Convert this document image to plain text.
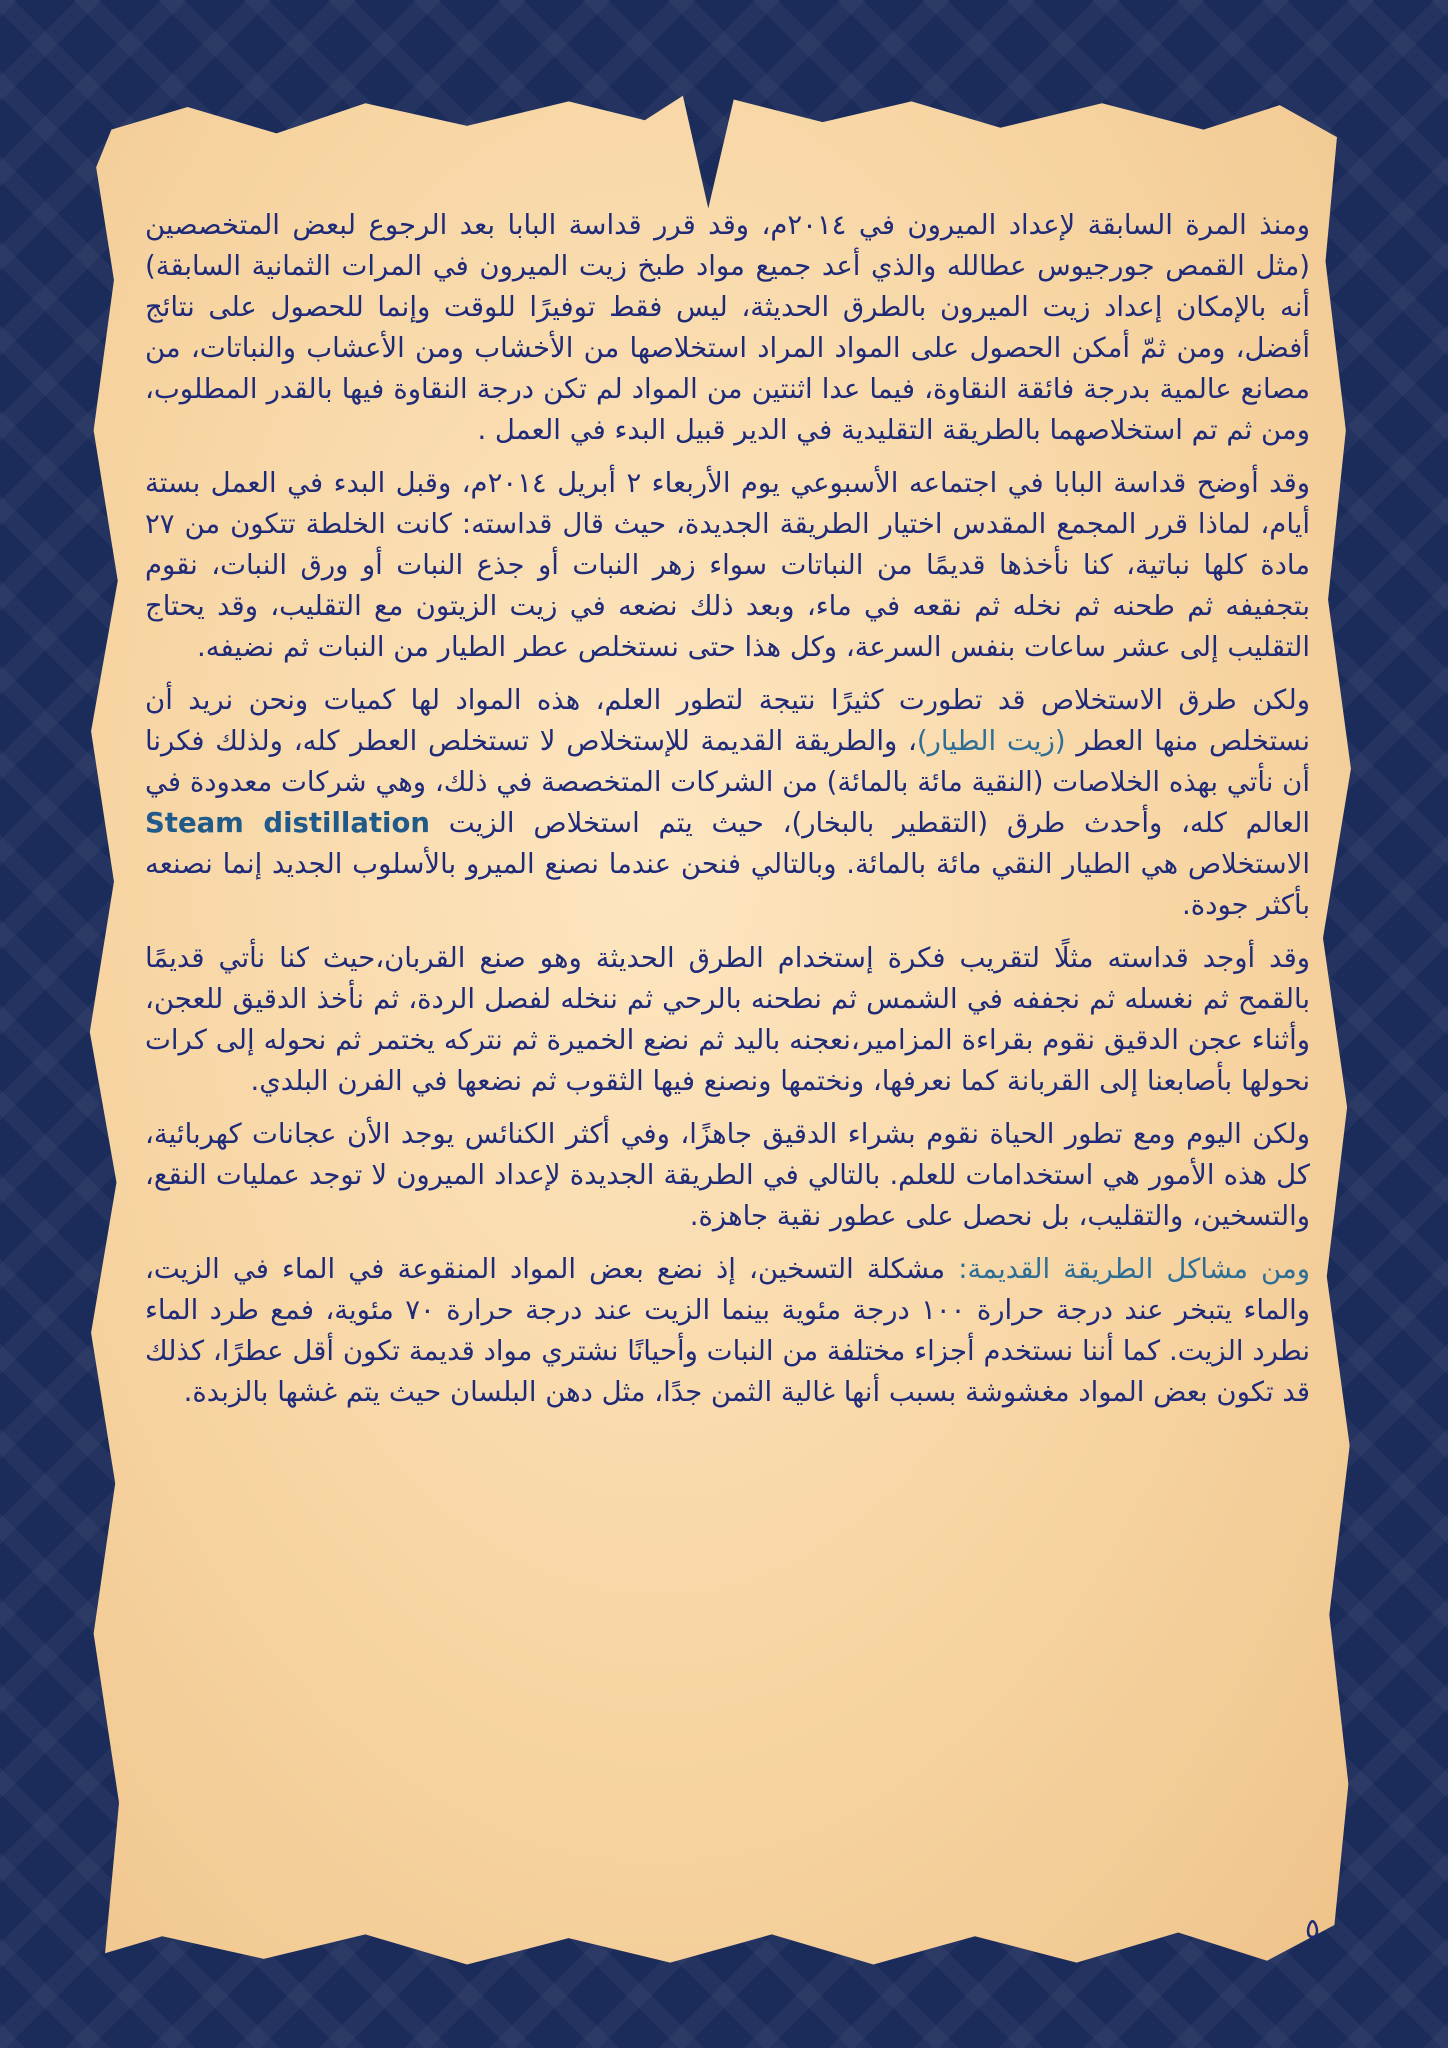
ومنذ المرة السابقة لإعداد الميرون في ٢٠١٤م، وقد قرر قداسة البابا بعد الرجوع لبعض المتخصصين (مثل القمص جورجيوس عطالله والذي أعد جميع مواد طبخ زيت الميرون في المرات الثمانية السابقة) أنه بالإمكان إعداد زيت الميرون بالطرق الحديثة، ليس فقط توفيرًا للوقت وإنما للحصول على نتائج أفضل، ومن ثمّ أمكن الحصول على المواد المراد استخلاصها من الأخشاب ومن الأعشاب والنباتات، من مصانع عالمية بدرجة فائقة النقاوة، فيما عدا اثنتين من المواد لم تكن درجة النقاوة فيها بالقدر المطلوب، ومن ثم تم استخلاصهما بالطريقة التقليدية في الدير قبيل البدء في العمل .

وقد أوضح قداسة البابا في اجتماعه الأسبوعي يوم الأربعاء ٢ أبريل ٢٠١٤م، وقبل البدء في العمل بستة أيام، لماذا قرر المجمع المقدس اختيار الطريقة الجديدة، حيث قال قداسته: كانت الخلطة تتكون من ٢٧ مادة كلها نباتية، كنا نأخذها قديمًا من النباتات سواء زهر النبات أو جذع النبات أو ورق النبات، نقوم بتجفيفه ثم طحنه ثم نخله ثم نقعه في ماء، وبعد ذلك نضعه في زيت الزيتون مع التقليب، وقد يحتاج التقليب إلى عشر ساعات بنفس السرعة، وكل هذا حتى نستخلص عطر الطيار من النبات ثم نضيفه.

ولكن طرق الاستخلاص قد تطورت كثيرًا نتيجة لتطور العلم، هذه المواد لها كميات ونحن نريد أن نستخلص منها العطر (زيت الطيار)، والطريقة القديمة للإستخلاص لا تستخلص العطر كله، ولذلك فكرنا أن نأتي بهذه الخلاصات (النقية مائة بالمائة) من الشركات المتخصصة في ذلك، وهي شركات معدودة في العالم كله، وأحدث طرق (التقطير بالبخار)، حيث يتم استخلاص الزيت Steam distillation الاستخلاص هي الطيار النقي مائة بالمائة. وبالتالي فنحن عندما نصنع الميرو بالأسلوب الجديد إنما نصنعه بأكثر جودة.

وقد أوجد قداسته مثلًا لتقريب فكرة إستخدام الطرق الحديثة وهو صنع القربان،حيث كنا نأتي قديمًا بالقمح ثم نغسله ثم نجففه في الشمس ثم نطحنه بالرحي ثم ننخله لفصل الردة، ثم نأخذ الدقيق للعجن، وأثناء عجن الدقيق نقوم بقراءة المزامير،نعجنه باليد ثم نضع الخميرة ثم نتركه يختمر ثم نحوله إلى كرات نحولها بأصابعنا إلى القربانة كما نعرفها، ونختمها ونصنع فيها الثقوب ثم نضعها في الفرن البلدي.

ولكن اليوم ومع تطور الحياة نقوم بشراء الدقيق جاهزًا، وفي أكثر الكنائس يوجد الأن عجانات كهربائية، كل هذه الأمور هي استخدامات للعلم. بالتالي في الطريقة الجديدة لإعداد الميرون لا توجد عمليات النقع، والتسخين، والتقليب، بل نحصل على عطور نقية جاهزة.

ومن مشاكل الطريقة القديمة: مشكلة التسخين، إذ نضع بعض المواد المنقوعة في الماء في الزيت، والماء يتبخر عند درجة حرارة ١٠٠ درجة مئوية بينما الزيت عند درجة حرارة ٧٠ مئوية، فمع طرد الماء نطرد الزيت. كما أننا نستخدم أجزاء مختلفة من النبات وأحيانًا نشتري مواد قديمة تكون أقل عطرًا، كذلك قد تكون بعض المواد مغشوشة بسبب أنها غالية الثمن جدًا، مثل دهن البلسان حيث يتم غشها بالزبدة.

٥
